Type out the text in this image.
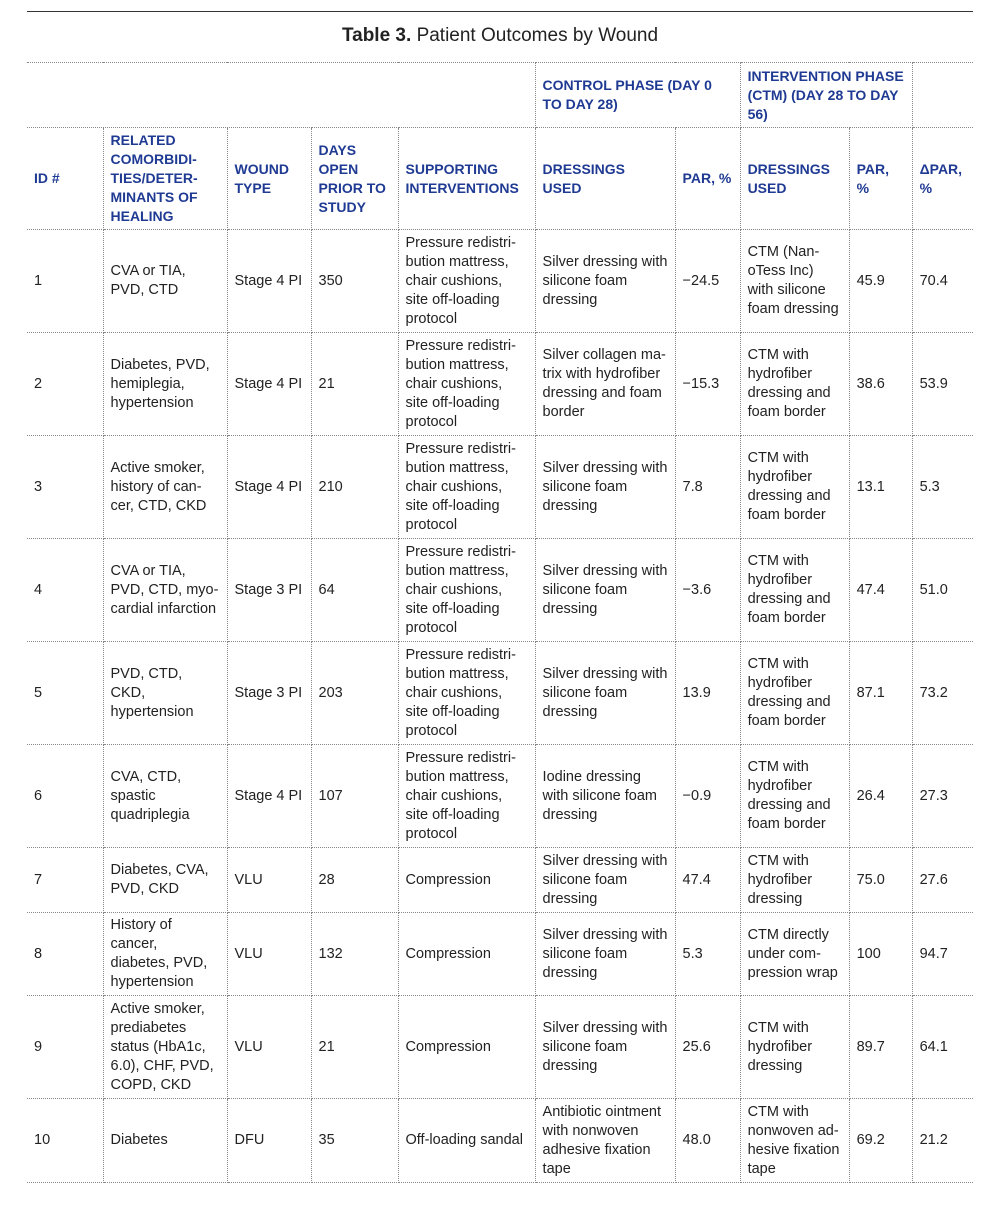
Table 3. Patient Outcomes by Wound
					CONTROL PHASE (DAY 0 TO DAY 28)		INTERVENTION PHASE (CTM) (DAY 28 TO DAY 56)		
ID #	RELATED COMORBIDITIES/DETERMINANTS OF HEALING	WOUND TYPE	DAYS OPEN PRIOR TO STUDY	SUPPORTING INTERVENTIONS	DRESSINGS USED	PAR, %	DRESSINGS USED	PAR, %	ΔPAR, %
1	CVA or TIA, PVD, CTD	Stage 4 PI	350	Pressure redistribution mattress, chair cushions, site off-loading protocol	Silver dressing with silicone foam dressing	−24.5	CTM (NanoTess Inc) with silicone foam dressing	45.9	70.4
2	Diabetes, PVD, hemiplegia, hypertension	Stage 4 PI	21	Pressure redistribution mattress, chair cushions, site off-loading protocol	Silver collagen matrix with hydrofiber dressing and foam border	−15.3	CTM with hydrofiber dressing and foam border	38.6	53.9
3	Active smoker, history of cancer, CTD, CKD	Stage 4 PI	210	Pressure redistribution mattress, chair cushions, site off-loading protocol	Silver dressing with silicone foam dressing	7.8	CTM with hydrofiber dressing and foam border	13.1	5.3
4	CVA or TIA, PVD, CTD, myocardial infarction	Stage 3 PI	64	Pressure redistribution mattress, chair cushions, site off-loading protocol	Silver dressing with silicone foam dressing	−3.6	CTM with hydrofiber dressing and foam border	47.4	51.0
5	PVD, CTD, CKD, hypertension	Stage 3 PI	203	Pressure redistribution mattress, chair cushions, site off-loading protocol	Silver dressing with silicone foam dressing	13.9	CTM with hydrofiber dressing and foam border	87.1	73.2
6	CVA, CTD, spastic quadriplegia	Stage 4 PI	107	Pressure redistribution mattress, chair cushions, site off-loading protocol	Iodine dressing with silicone foam dressing	−0.9	CTM with hydrofiber dressing and foam border	26.4	27.3
7	Diabetes, CVA, PVD, CKD	VLU	28	Compression	Silver dressing with silicone foam dressing	47.4	CTM with hydrofiber dressing	75.0	27.6
8	History of cancer, diabetes, PVD, hypertension	VLU	132	Compression	Silver dressing with silicone foam dressing	5.3	CTM directly under compression wrap	100	94.7
9	Active smoker, prediabetes status (HbA1c, 6.0), CHF, PVD, COPD, CKD	VLU	21	Compression	Silver dressing with silicone foam dressing	25.6	CTM with hydrofiber dressing	89.7	64.1
10	Diabetes	DFU	35	Off-loading sandal	Antibiotic ointment with nonwoven adhesive fixation tape	48.0	CTM with nonwoven adhesive fixation tape	69.2	21.2
